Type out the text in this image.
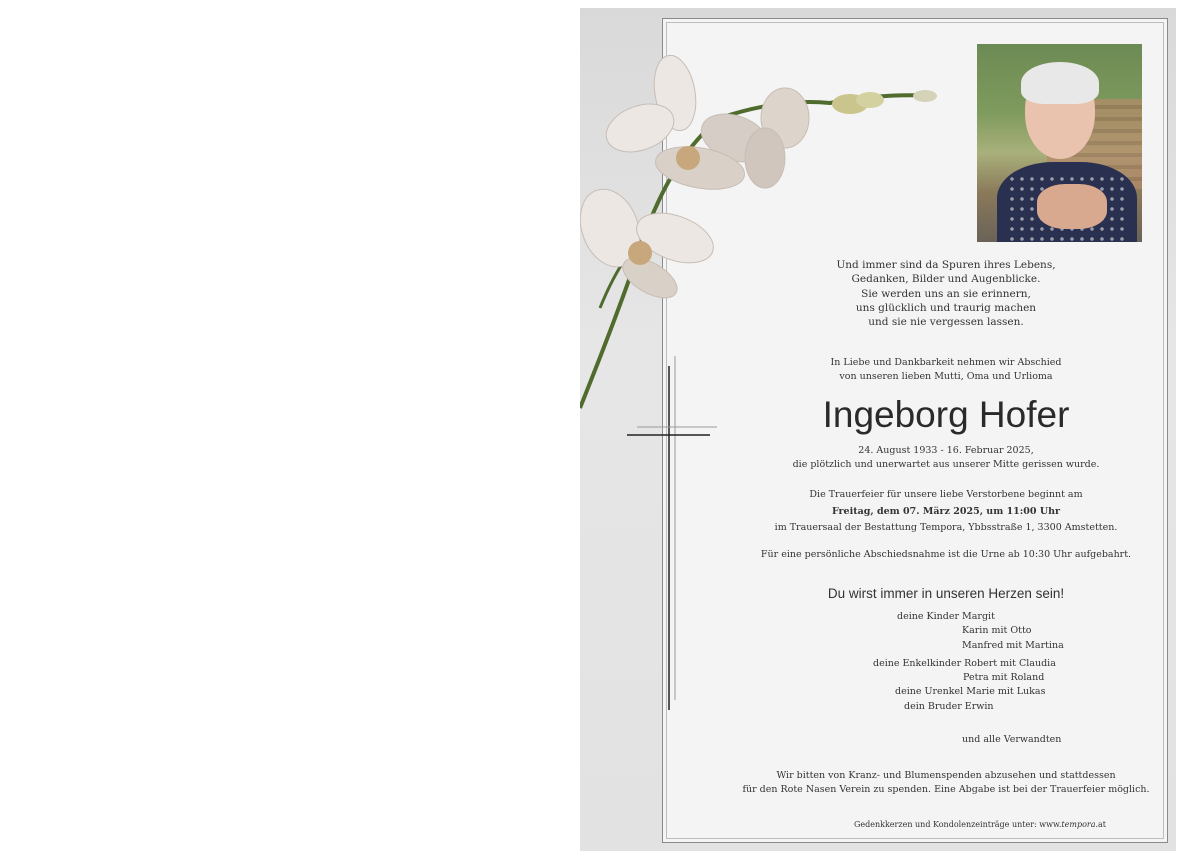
Und immer sind da Spuren ihres Lebens,
Gedanken, Bilder und Augenblicke.
Sie werden uns an sie erinnern,
uns glücklich und traurig machen
und sie nie vergessen lassen.
In Liebe und Dankbarkeit nehmen wir Abschied
von unseren lieben Mutti, Oma und Urlioma
Ingeborg Hofer
24. August 1933 - 16. Februar 2025,
die plötzlich und unerwartet aus unserer Mitte gerissen wurde.
Die Trauerfeier für unsere liebe Verstorbene beginnt am
Freitag, dem 07. März 2025, um 11:00 Uhr
im Trauersaal der Bestattung Tempora, Ybbsstraße 1, 3300 Amstetten.
Für eine persönliche Abschiedsnahme ist die Urne ab 10:30 Uhr aufgebahrt.
Du wirst immer in unseren Herzen sein!
deine Kinder Margit
Karin mit Otto
Manfred mit Martina
deine Enkelkinder Robert mit Claudia
Petra mit Roland
deine Urenkel Marie mit Lukas
dein Bruder Erwin
und alle Verwandten
Wir bitten von Kranz- und Blumenspenden abzusehen und stattdessen
für den Rote Nasen Verein zu spenden. Eine Abgabe ist bei der Trauerfeier möglich.
Gedenkkerzen und Kondolenzeinträge unter: www.tempora.at
